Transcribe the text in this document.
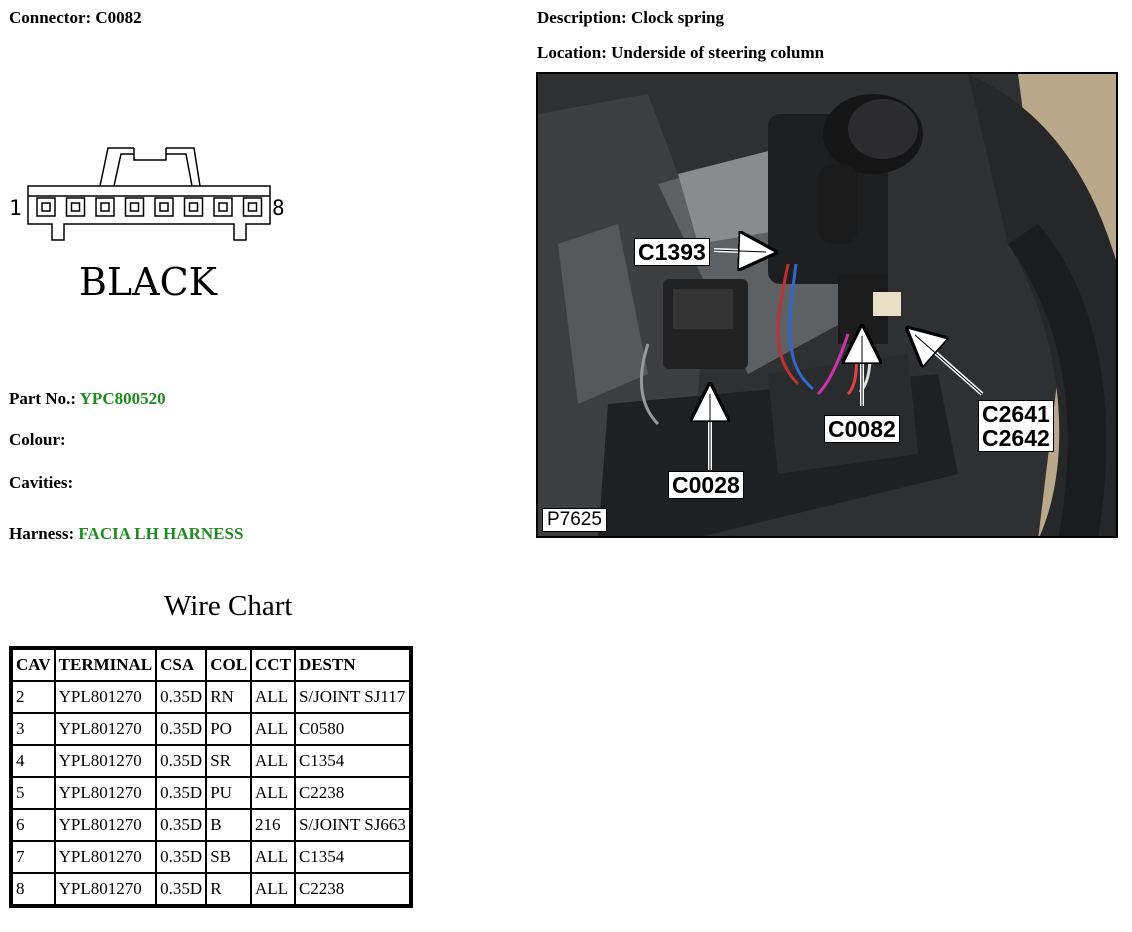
Connector: C0082	Description: Clock spring
Location: Underside of steering column
1	8
BLACK
Part No.: YPC800520
Colour:
Cavities:
Harness: FACIA LH HARNESS
Wire Chart
CAV	TERMINAL	CSA	COL	CCT	DESTN
2	YPL801270	0.35D	RN	ALL	S/JOINT SJ117
3	YPL801270	0.35D	PO	ALL	C0580
4	YPL801270	0.35D	SR	ALL	C1354
5	YPL801270	0.35D	PU	ALL	C2238
6	YPL801270	0.35D	B	216	S/JOINT SJ663
7	YPL801270	0.35D	SB	ALL	C1354
8	YPL801270	0.35D	R	ALL	C2238
C1393
C0082
C0028
C2641
C2642
P7625
